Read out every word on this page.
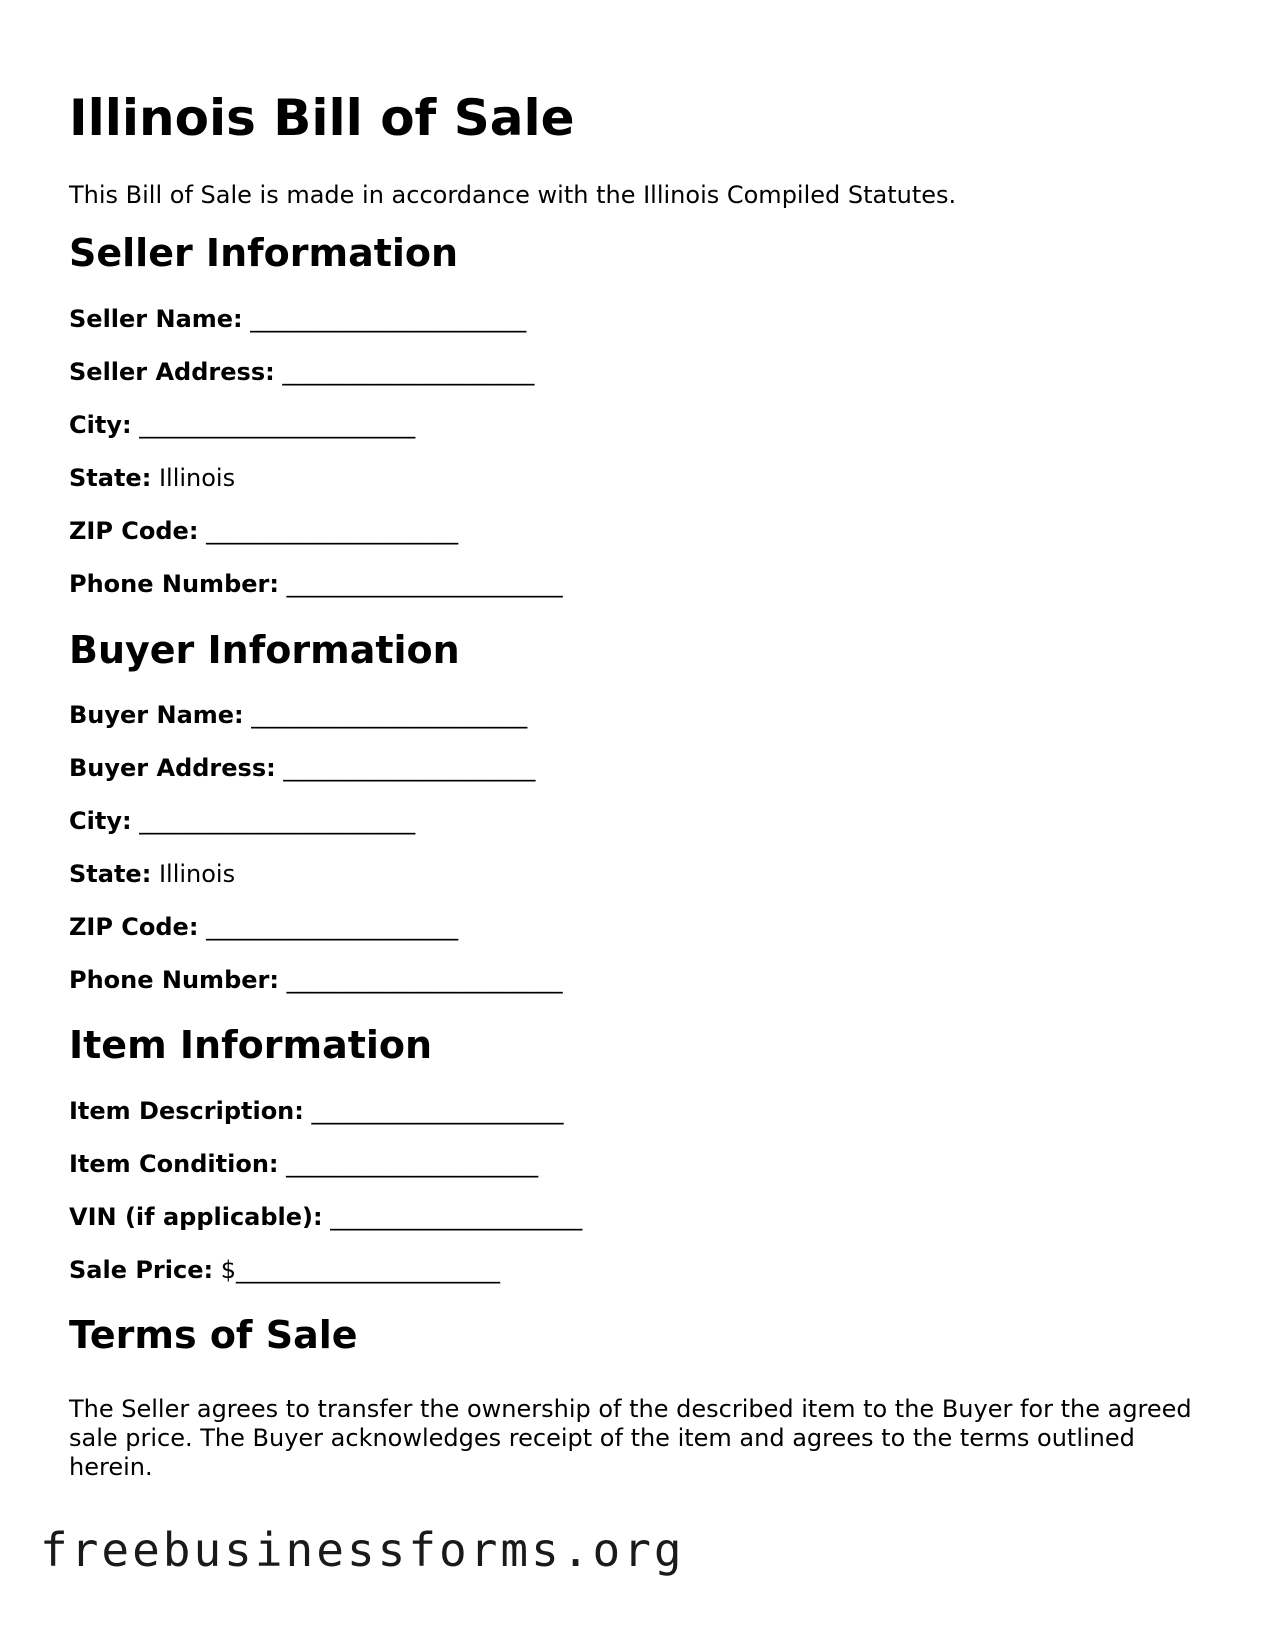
Illinois Bill of Sale

This Bill of Sale is made in accordance with the Illinois Compiled Statutes.

Seller Information
Seller Name: _______________________
Seller Address: _____________________
City: _______________________
State: Illinois
ZIP Code: _____________________
Phone Number: _______________________
Buyer Information
Buyer Name: _______________________
Buyer Address: _____________________
City: _______________________
State: Illinois
ZIP Code: _____________________
Phone Number: _______________________
Item Information
Item Description: _____________________
Item Condition: _____________________
VIN (if applicable): _____________________
Sale Price: $______________________
Terms of Sale

The Seller agrees to transfer the ownership of the described item to the Buyer for the agreed sale price. The Buyer acknowledges receipt of the item and agrees to the terms outlined herein.

freebusinessforms.org
